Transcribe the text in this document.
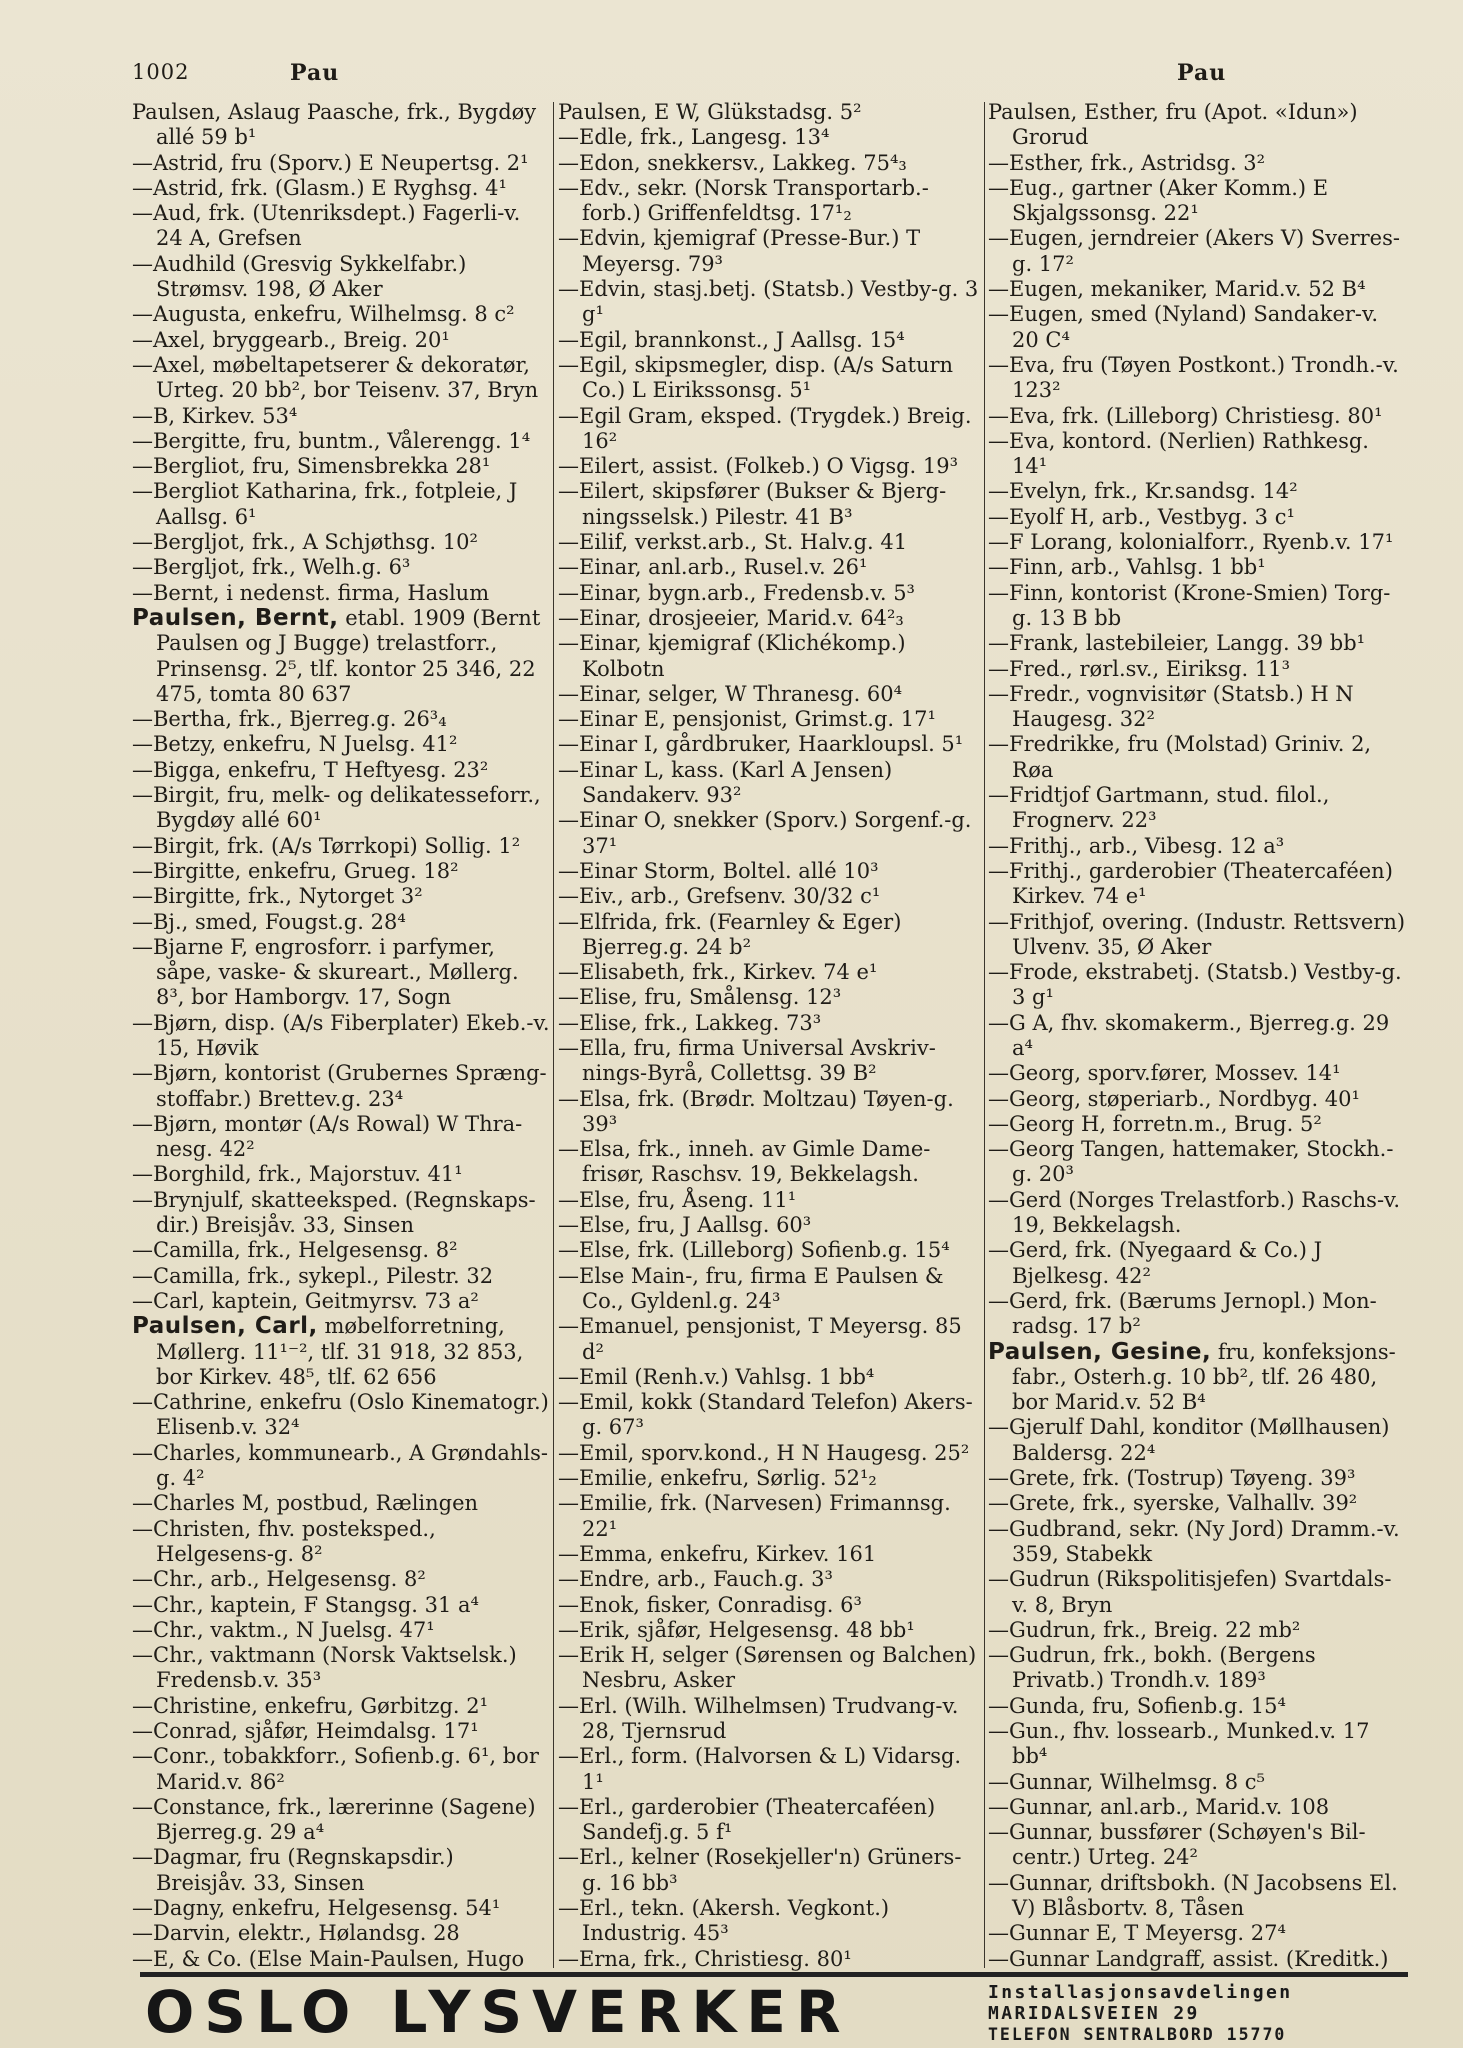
1002	Pau	Pau

Paulsen, Aslaug Paasche, frk., Bygdøy allé 59 b¹

—Astrid, fru (Sporv.) E Neupertsg. 2¹

—Astrid, frk. (Glasm.) E Ryghsg. 4¹

—Aud, frk. (Utenriksdept.) Fagerli-v. 24 A, Grefsen

—Audhild (Gresvig Sykkelfabr.) Strømsv. 198, Ø Aker

—Augusta, enkefru, Wilhelmsg. 8 c²

—Axel, bryggearb., Breig. 20¹

—Axel, møbeltapetserer & dekoratør, Urteg. 20 bb², bor Teisenv. 37, Bryn

—B, Kirkev. 53⁴

—Bergitte, fru, buntm., Vålerengg. 1⁴

—Bergliot, fru, Simensbrekka 28¹

—Bergliot Katharina, frk., fotpleie, J Aallsg. 6¹

—Bergljot, frk., A Schjøthsg. 10²

—Bergljot, frk., Welh.g. 6³

—Bernt, i nedenst. firma, Haslum

Paulsen, Bernt, etabl. 1909 (Bernt Paulsen og J Bugge) trelastforr., Prinsensg. 2⁵, tlf. kontor 25 346, 22 475, tomta 80 637

—Bertha, frk., Bjerreg.g. 26³₄

—Betzy, enkefru, N Juelsg. 41²

—Bigga, enkefru, T Heftyesg. 23²

—Birgit, fru, melk- og delikatesseforr., Bygdøy allé 60¹

—Birgit, frk. (A/s Tørrkopi) Sollig. 1²

—Birgitte, enkefru, Grueg. 18²

—Birgitte, frk., Nytorget 3²

—Bj., smed, Fougst.g. 28⁴

—Bjarne F, engrosforr. i parfymer, såpe, vaske- & skureart., Møllerg. 8³, bor Hamborgv. 17, Sogn

—Bjørn, disp. (A/s Fiberplater) Ekeb.-v. 15, Høvik

—Bjørn, kontorist (Grubernes Spræng-stoffabr.) Brettev.g. 23⁴

—Bjørn, montør (A/s Rowal) W Thra-nesg. 42²

—Borghild, frk., Majorstuv. 41¹

—Brynjulf, skatteeksped. (Regnskaps-dir.) Breisjåv. 33, Sinsen

—Camilla, frk., Helgesensg. 8²

—Camilla, frk., sykepl., Pilestr. 32

—Carl, kaptein, Geitmyrsv. 73 a²

Paulsen, Carl, møbelforretning, Møllerg. 11¹⁻², tlf. 31 918, 32 853, bor Kirkev. 48⁵, tlf. 62 656

—Cathrine, enkefru (Oslo Kinematogr.) Elisenb.v. 32⁴

—Charles, kommunearb., A Grøndahls-g. 4²

—Charles M, postbud, Rælingen

—Christen, fhv. posteksped., Helgesens-g. 8²

—Chr., arb., Helgesensg. 8²

—Chr., kaptein, F Stangsg. 31 a⁴

—Chr., vaktm., N Juelsg. 47¹

—Chr., vaktmann (Norsk Vaktselsk.) Fredensb.v. 35³

—Christine, enkefru, Gørbitzg. 2¹

—Conrad, sjåfør, Heimdalsg. 17¹

—Conr., tobakkforr., Sofienb.g. 6¹, bor Marid.v. 86²

—Constance, frk., lærerinne (Sagene) Bjerreg.g. 29 a⁴

—Dagmar, fru (Regnskapsdir.) Breisjåv. 33, Sinsen

—Dagny, enkefru, Helgesensg. 54¹

—Darvin, elektr., Hølandsg. 28

—E, & Co. (Else Main-Paulsen, Hugo

Paulsen, E W, Glükstadsg. 5²

—Edle, frk., Langesg. 13⁴

—Edon, snekkersv., Lakkeg. 75⁴₃

—Edv., sekr. (Norsk Transportarb.-forb.) Griffenfeldtsg. 17¹₂

—Edvin, kjemigraf (Presse-Bur.) T Meyersg. 79³

—Edvin, stasj.betj. (Statsb.) Vestby-g. 3 g¹

—Egil, brannkonst., J Aallsg. 15⁴

—Egil, skipsmegler, disp. (A/s Saturn Co.) L Eirikssonsg. 5¹

—Egil Gram, eksped. (Trygdek.) Breig. 16²

—Eilert, assist. (Folkeb.) O Vigsg. 19³

—Eilert, skipsfører (Bukser & Bjerg-ningsselsk.) Pilestr. 41 B³

—Eilif, verkst.arb., St. Halv.g. 41

—Einar, anl.arb., Rusel.v. 26¹

—Einar, bygn.arb., Fredensb.v. 5³

—Einar, drosjeeier, Marid.v. 64²₃

—Einar, kjemigraf (Klichékomp.) Kolbotn

—Einar, selger, W Thranesg. 60⁴

—Einar E, pensjonist, Grimst.g. 17¹

—Einar I, gårdbruker, Haarkloupsl. 5¹

—Einar L, kass. (Karl A Jensen) Sandakerv. 93²

—Einar O, snekker (Sporv.) Sorgenf.-g. 37¹

—Einar Storm, Boltel. allé 10³

—Eiv., arb., Grefsenv. 30/32 c¹

—Elfrida, frk. (Fearnley & Eger) Bjerreg.g. 24 b²

—Elisabeth, frk., Kirkev. 74 e¹

—Elise, fru, Smålensg. 12³

—Elise, frk., Lakkeg. 73³

—Ella, fru, firma Universal Avskriv-nings-Byrå, Collettsg. 39 B²

—Elsa, frk. (Brødr. Moltzau) Tøyen-g. 39³

—Elsa, frk., inneh. av Gimle Dame-frisør, Raschsv. 19, Bekkelagsh.

—Else, fru, Åseng. 11¹

—Else, fru, J Aallsg. 60³

—Else, frk. (Lilleborg) Sofienb.g. 15⁴

—Else Main-, fru, firma E Paulsen & Co., Gyldenl.g. 24³

—Emanuel, pensjonist, T Meyersg. 85 d²

—Emil (Renh.v.) Vahlsg. 1 bb⁴

—Emil, kokk (Standard Telefon) Akers-g. 67³

—Emil, sporv.kond., H N Haugesg. 25²

—Emilie, enkefru, Sørlig. 52¹₂

—Emilie, frk. (Narvesen) Frimannsg. 22¹

—Emma, enkefru, Kirkev. 161

—Endre, arb., Fauch.g. 3³

—Enok, fisker, Conradisg. 6³

—Erik, sjåfør, Helgesensg. 48 bb¹

—Erik H, selger (Sørensen og Balchen) Nesbru, Asker

—Erl. (Wilh. Wilhelmsen) Trudvang-v. 28, Tjernsrud

—Erl., form. (Halvorsen & L) Vidarsg. 1¹

—Erl., garderobier (Theatercaféen) Sandefj.g. 5 f¹

—Erl., kelner (Rosekjeller'n) Grüners-g. 16 bb³

—Erl., tekn. (Akersh. Vegkont.) Industrig. 45³

—Erna, frk., Christiesg. 80¹

Paulsen, Esther, fru (Apot. «Idun») Grorud

—Esther, frk., Astridsg. 3²

—Eug., gartner (Aker Komm.) E Skjalgssonsg. 22¹

—Eugen, jerndreier (Akers V) Sverres-g. 17²

—Eugen, mekaniker, Marid.v. 52 B⁴

—Eugen, smed (Nyland) Sandaker-v. 20 C⁴

—Eva, fru (Tøyen Postkont.) Trondh.-v. 123²

—Eva, frk. (Lilleborg) Christiesg. 80¹

—Eva, kontord. (Nerlien) Rathkesg. 14¹

—Evelyn, frk., Kr.sandsg. 14²

—Eyolf H, arb., Vestbyg. 3 c¹

—F Lorang, kolonialforr., Ryenb.v. 17¹

—Finn, arb., Vahlsg. 1 bb¹

—Finn, kontorist (Krone-Smien) Torg-g. 13 B bb

—Frank, lastebileier, Langg. 39 bb¹

—Fred., rørl.sv., Eiriksg. 11³

—Fredr., vognvisitør (Statsb.) H N Haugesg. 32²

—Fredrikke, fru (Molstad) Griniv. 2, Røa

—Fridtjof Gartmann, stud. filol., Frognerv. 22³

—Frithj., arb., Vibesg. 12 a³

—Frithj., garderobier (Theatercaféen) Kirkev. 74 e¹

—Frithjof, overing. (Industr. Rettsvern) Ulvenv. 35, Ø Aker

—Frode, ekstrabetj. (Statsb.) Vestby-g. 3 g¹

—G A, fhv. skomakerm., Bjerreg.g. 29 a⁴

—Georg, sporv.fører, Mossev. 14¹

—Georg, støperiarb., Nordbyg. 40¹

—Georg H, forretn.m., Brug. 5²

—Georg Tangen, hattemaker, Stockh.-g. 20³

—Gerd (Norges Trelastforb.) Raschs-v. 19, Bekkelagsh.

—Gerd, frk. (Nyegaard & Co.) J Bjelkesg. 42²

—Gerd, frk. (Bærums Jernopl.) Mon-radsg. 17 b²

Paulsen, Gesine, fru, konfeksjons-fabr., Osterh.g. 10 bb², tlf. 26 480, bor Marid.v. 52 B⁴

—Gjerulf Dahl, konditor (Møllhausen) Baldersg. 22⁴

—Grete, frk. (Tostrup) Tøyeng. 39³

—Grete, frk., syerske, Valhallv. 39²

—Gudbrand, sekr. (Ny Jord) Dramm.-v. 359, Stabekk

—Gudrun (Rikspolitisjefen) Svartdals-v. 8, Bryn

—Gudrun, frk., Breig. 22 mb²

—Gudrun, frk., bokh. (Bergens Privatb.) Trondh.v. 189³

—Gunda, fru, Sofienb.g. 15⁴

—Gun., fhv. lossearb., Munked.v. 17 bb⁴

—Gunnar, Wilhelmsg. 8 c⁵

—Gunnar, anl.arb., Marid.v. 108

—Gunnar, bussfører (Schøyen's Bil-centr.) Urteg. 24²

—Gunnar, driftsbokh. (N Jacobsens El. V) Blåsbortv. 8, Tåsen

—Gunnar E, T Meyersg. 27⁴

—Gunnar Landgraff, assist. (Kreditk.)

OSLO LYSVERKER	Installasjonsavdelingen
MARIDALSVEIEN 29
TELEFON SENTRALBORD 15770
